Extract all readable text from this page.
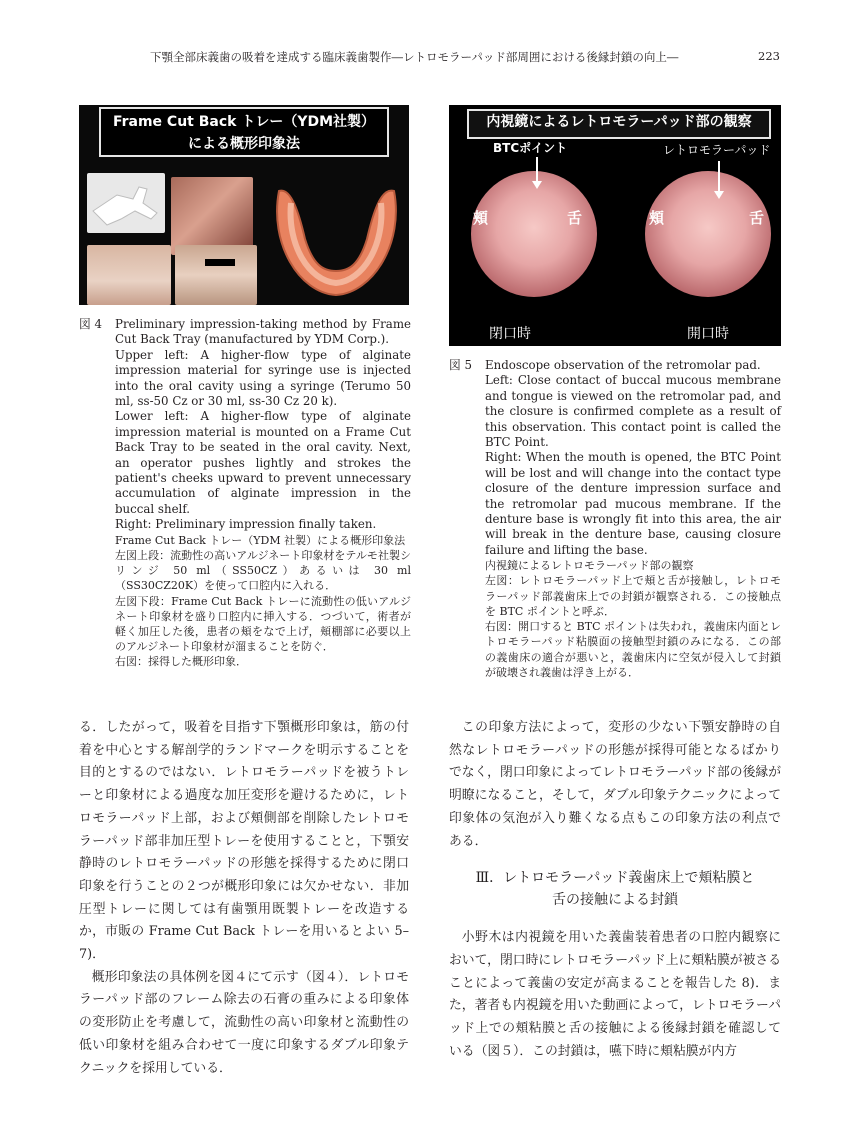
下顎全部床義歯の吸着を達成する臨床義歯製作―レトロモラーパッド部周囲における後縁封鎖の向上―	223
Frame Cut Back トレー（YDM社製）
による概形印象法
図 4	Preliminary impression-taking method by Frame Cut Back Tray (manufactured by YDM Corp.).

Upper left: A higher-flow type of alginate impression material for syringe use is injected into the oral cavity using a syringe (Terumo 50 ml, ss-50 Cz or 30 ml, ss-30 Cz 20 k).

Lower left: A higher-flow type of alginate impression material is mounted on a Frame Cut Back Tray to be seated in the oral cavity. Next, an operator pushes lightly and strokes the patient's cheeks upward to prevent unnecessary accumulation of alginate impression in the buccal shelf.

Right: Preliminary impression finally taken.

Frame Cut Back トレー（YDM 社製）による概形印象法

左図上段：流動性の高いアルジネート印象材をテルモ社製シリンジ 50 ml（SS50CZ）あるいは 30 ml（SS30CZ20K）を使って口腔内に入れる．

左図下段：Frame Cut Back トレーに流動性の低いアルジネート印象材を盛り口腔内に挿入する．つづいて，術者が軽く加圧した後，患者の頬をなで上げ，頬棚部に必要以上のアルジネート印象材が溜まることを防ぐ．

右図：採得した概形印象．

内視鏡によるレトロモラーパッド部の観察
BTCポイント	レトロモラーパッド
頬	舌	頬	舌
閉口時	開口時
図 5	Endoscope observation of the retromolar pad.

Left: Close contact of buccal mucous membrane and tongue is viewed on the retromolar pad, and the closure is confirmed complete as a result of this observation. This contact point is called the BTC Point.

Right: When the mouth is opened, the BTC Point will be lost and will change into the contact type closure of the denture impression surface and the retromolar pad mucous membrane. If the denture base is wrongly fit into this area, the air will break in the denture base, causing closure failure and lifting the base.

内視鏡によるレトロモラーパッド部の観察

左図：レトロモラーパッド上で頬と舌が接触し，レトロモラーパッド部義歯床上での封鎖が観察される．この接触点を BTC ポイントと呼ぶ．

右図：開口すると BTC ポイントは失われ，義歯床内面とレトロモラーパッド粘膜面の接触型封鎖のみになる．この部の義歯床の適合が悪いと，義歯床内に空気が侵入して封鎖が破壊され義歯は浮き上がる．

る．したがって，吸着を目指す下顎概形印象は，筋の付着を中心とする解剖学的ランドマークを明示することを目的とするのではない．レトロモラーパッドを被うトレーと印象材による過度な加圧変形を避けるために，レトロモラーパッド上部，および頬側部を削除したレトロモラーパッド部非加圧型トレーを使用することと，下顎安静時のレトロモラーパッドの形態を採得するために閉口印象を行うことの２つが概形印象には欠かせない．非加圧型トレーに関しては有歯顎用既製トレーを改造するか，市販の Frame Cut Back トレーを用いるとよい 5–7)．

概形印象法の具体例を図４にて示す（図４）．レトロモラーパッド部のフレーム除去の石膏の重みによる印象体の変形防止を考慮して，流動性の高い印象材と流動性の低い印象材を組み合わせて一度に印象するダブル印象テクニックを採用している．

この印象方法によって，変形の少ない下顎安静時の自然なレトロモラーパッドの形態が採得可能となるばかりでなく，閉口印象によってレトロモラーパッド部の後縁が明瞭になること，そして，ダブル印象テクニックによって印象体の気泡が入り難くなる点もこの印象方法の利点である．

Ⅲ．レトロモラーパッド義歯床上で頬粘膜と
舌の接触による封鎖

小野木は内視鏡を用いた義歯装着患者の口腔内観察において，閉口時にレトロモラーパッド上に頬粘膜が被さることによって義歯の安定が高まることを報告した 8)．また，著者も内視鏡を用いた動画によって，レトロモラーパッド上での頬粘膜と舌の接触による後縁封鎖を確認している（図５）．この封鎖は，嚥下時に頬粘膜が内方
